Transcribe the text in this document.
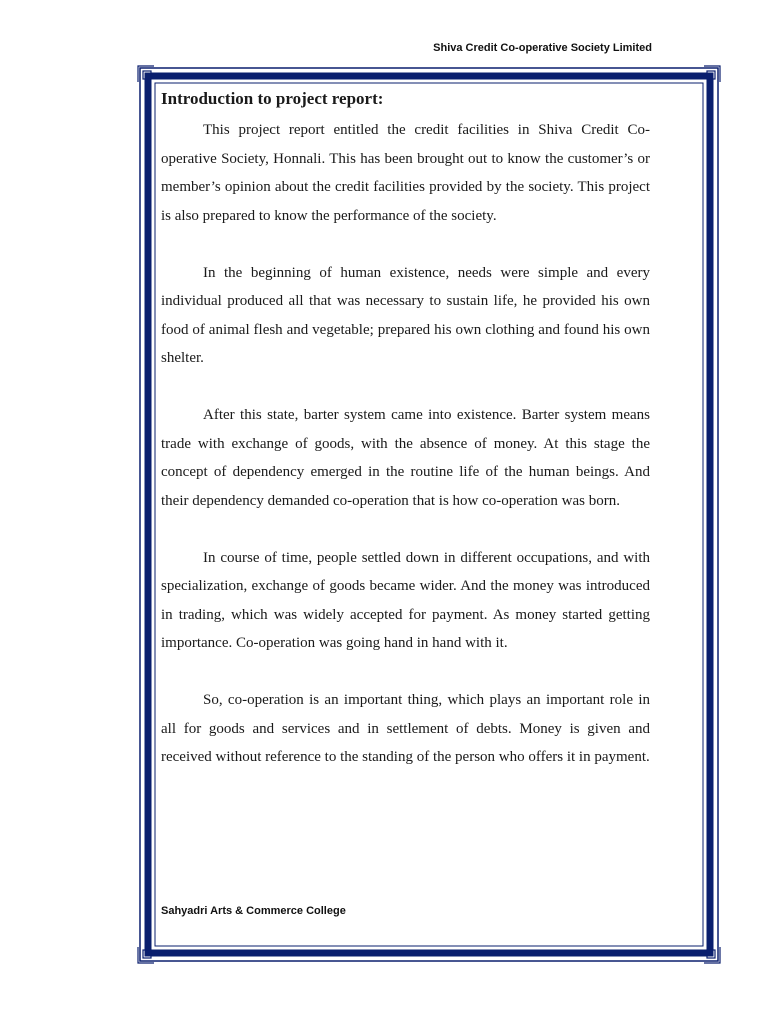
Shiva Credit Co-operative Society Limited

Introduction to project report:

This project report entitled the credit facilities in Shiva Credit Co-operative Society, Honnali. This has been brought out to know the customer’s or member’s opinion about the credit facilities provided by the society. This project is also prepared to know the performance of the society.

In the beginning of human existence, needs were simple and every individual produced all that was necessary to sustain life, he provided his own food of animal flesh and vegetable; prepared his own clothing and found his own shelter.

After this state, barter system came into existence. Barter system means trade with exchange of goods, with the absence of money. At this stage the concept of dependency emerged in the routine life of the human beings. And their dependency demanded co-operation that is how co-operation was born.

In course of time, people settled down in different occupations, and with specialization, exchange of goods became wider. And the money was introduced in trading, which was widely accepted for payment. As money started getting importance. Co-operation was going hand in hand with it.

So, co-operation is an important thing, which plays an important role in all for goods and services and in settlement of debts. Money is given and received without reference to the standing of the person who offers it in payment.

Sahyadri Arts & Commerce College
